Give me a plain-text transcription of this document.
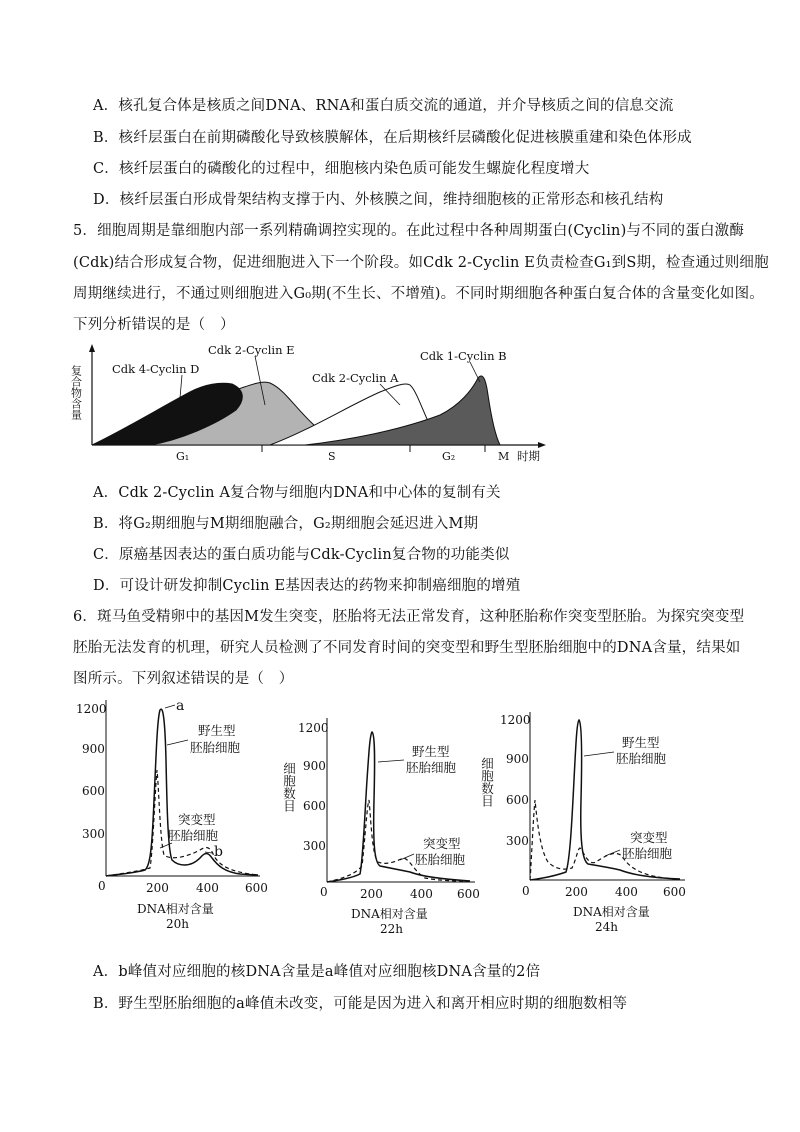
A．核孔复合体是核质之间DNA、RNA和蛋白质交流的通道，并介导核质之间的信息交流
B．核纤层蛋白在前期磷酸化导致核膜解体，在后期核纤层磷酸化促进核膜重建和染色体形成
C．核纤层蛋白的磷酸化的过程中，细胞核内染色质可能发生螺旋化程度增大
D．核纤层蛋白形成骨架结构支撑于内、外核膜之间，维持细胞核的正常形态和核孔结构
5．细胞周期是靠细胞内部一系列精确调控实现的。在此过程中各种周期蛋白(Cyclin)与不同的蛋白激酶
(Cdk)结合形成复合物，促进细胞进入下一个阶段。如Cdk 2-Cyclin E负责检查G₁到S期，检查通过则细胞
周期继续进行，不通过则细胞进入G₀期(不生长、不增殖)。不同时期细胞各种蛋白复合体的含量变化如图。
下列分析错误的是（　）
复合物含量	Cdk 4-Cyclin D
Cdk 2-Cyclin E
Cdk 2-Cyclin A
Cdk 1-Cyclin B
G₁	S	G₂	M 时期
A．Cdk 2-Cyclin A复合物与细胞内DNA和中心体的复制有关
B．将G₂期细胞与M期细胞融合，G₂期细胞会延迟进入M期
C．原癌基因表达的蛋白质功能与Cdk-Cyclin复合物的功能类似
D．可设计研发抑制Cyclin E基因表达的药物来抑制癌细胞的增殖
6．斑马鱼受精卵中的基因M发生突变，胚胎将无法正常发育，这种胚胎称作突变型胚胎。为探究突变型
胚胎无法发育的机理，研究人员检测了不同发育时间的突变型和野生型胚胎细胞中的DNA含量，结果如
图所示。下列叙述错误的是（　）
1200
900
600
300
0	200 400 600
a
野生型
胚胎细胞
突变型
胚胎细胞
b
DNA相对含量
20h
1200
900
600
300
0	200 400 600
细胞数目
野生型
胚胎细胞
突变型
胚胎细胞
DNA相对含量
22h
1200
900
600
300
0	200 400 600
细胞数目
野生型
胚胎细胞
突变型
胚胎细胞
DNA相对含量
24h
A．b峰值对应细胞的核DNA含量是a峰值对应细胞核DNA含量的2倍
B．野生型胚胎细胞的a峰值未改变，可能是因为进入和离开相应时期的细胞数相等
